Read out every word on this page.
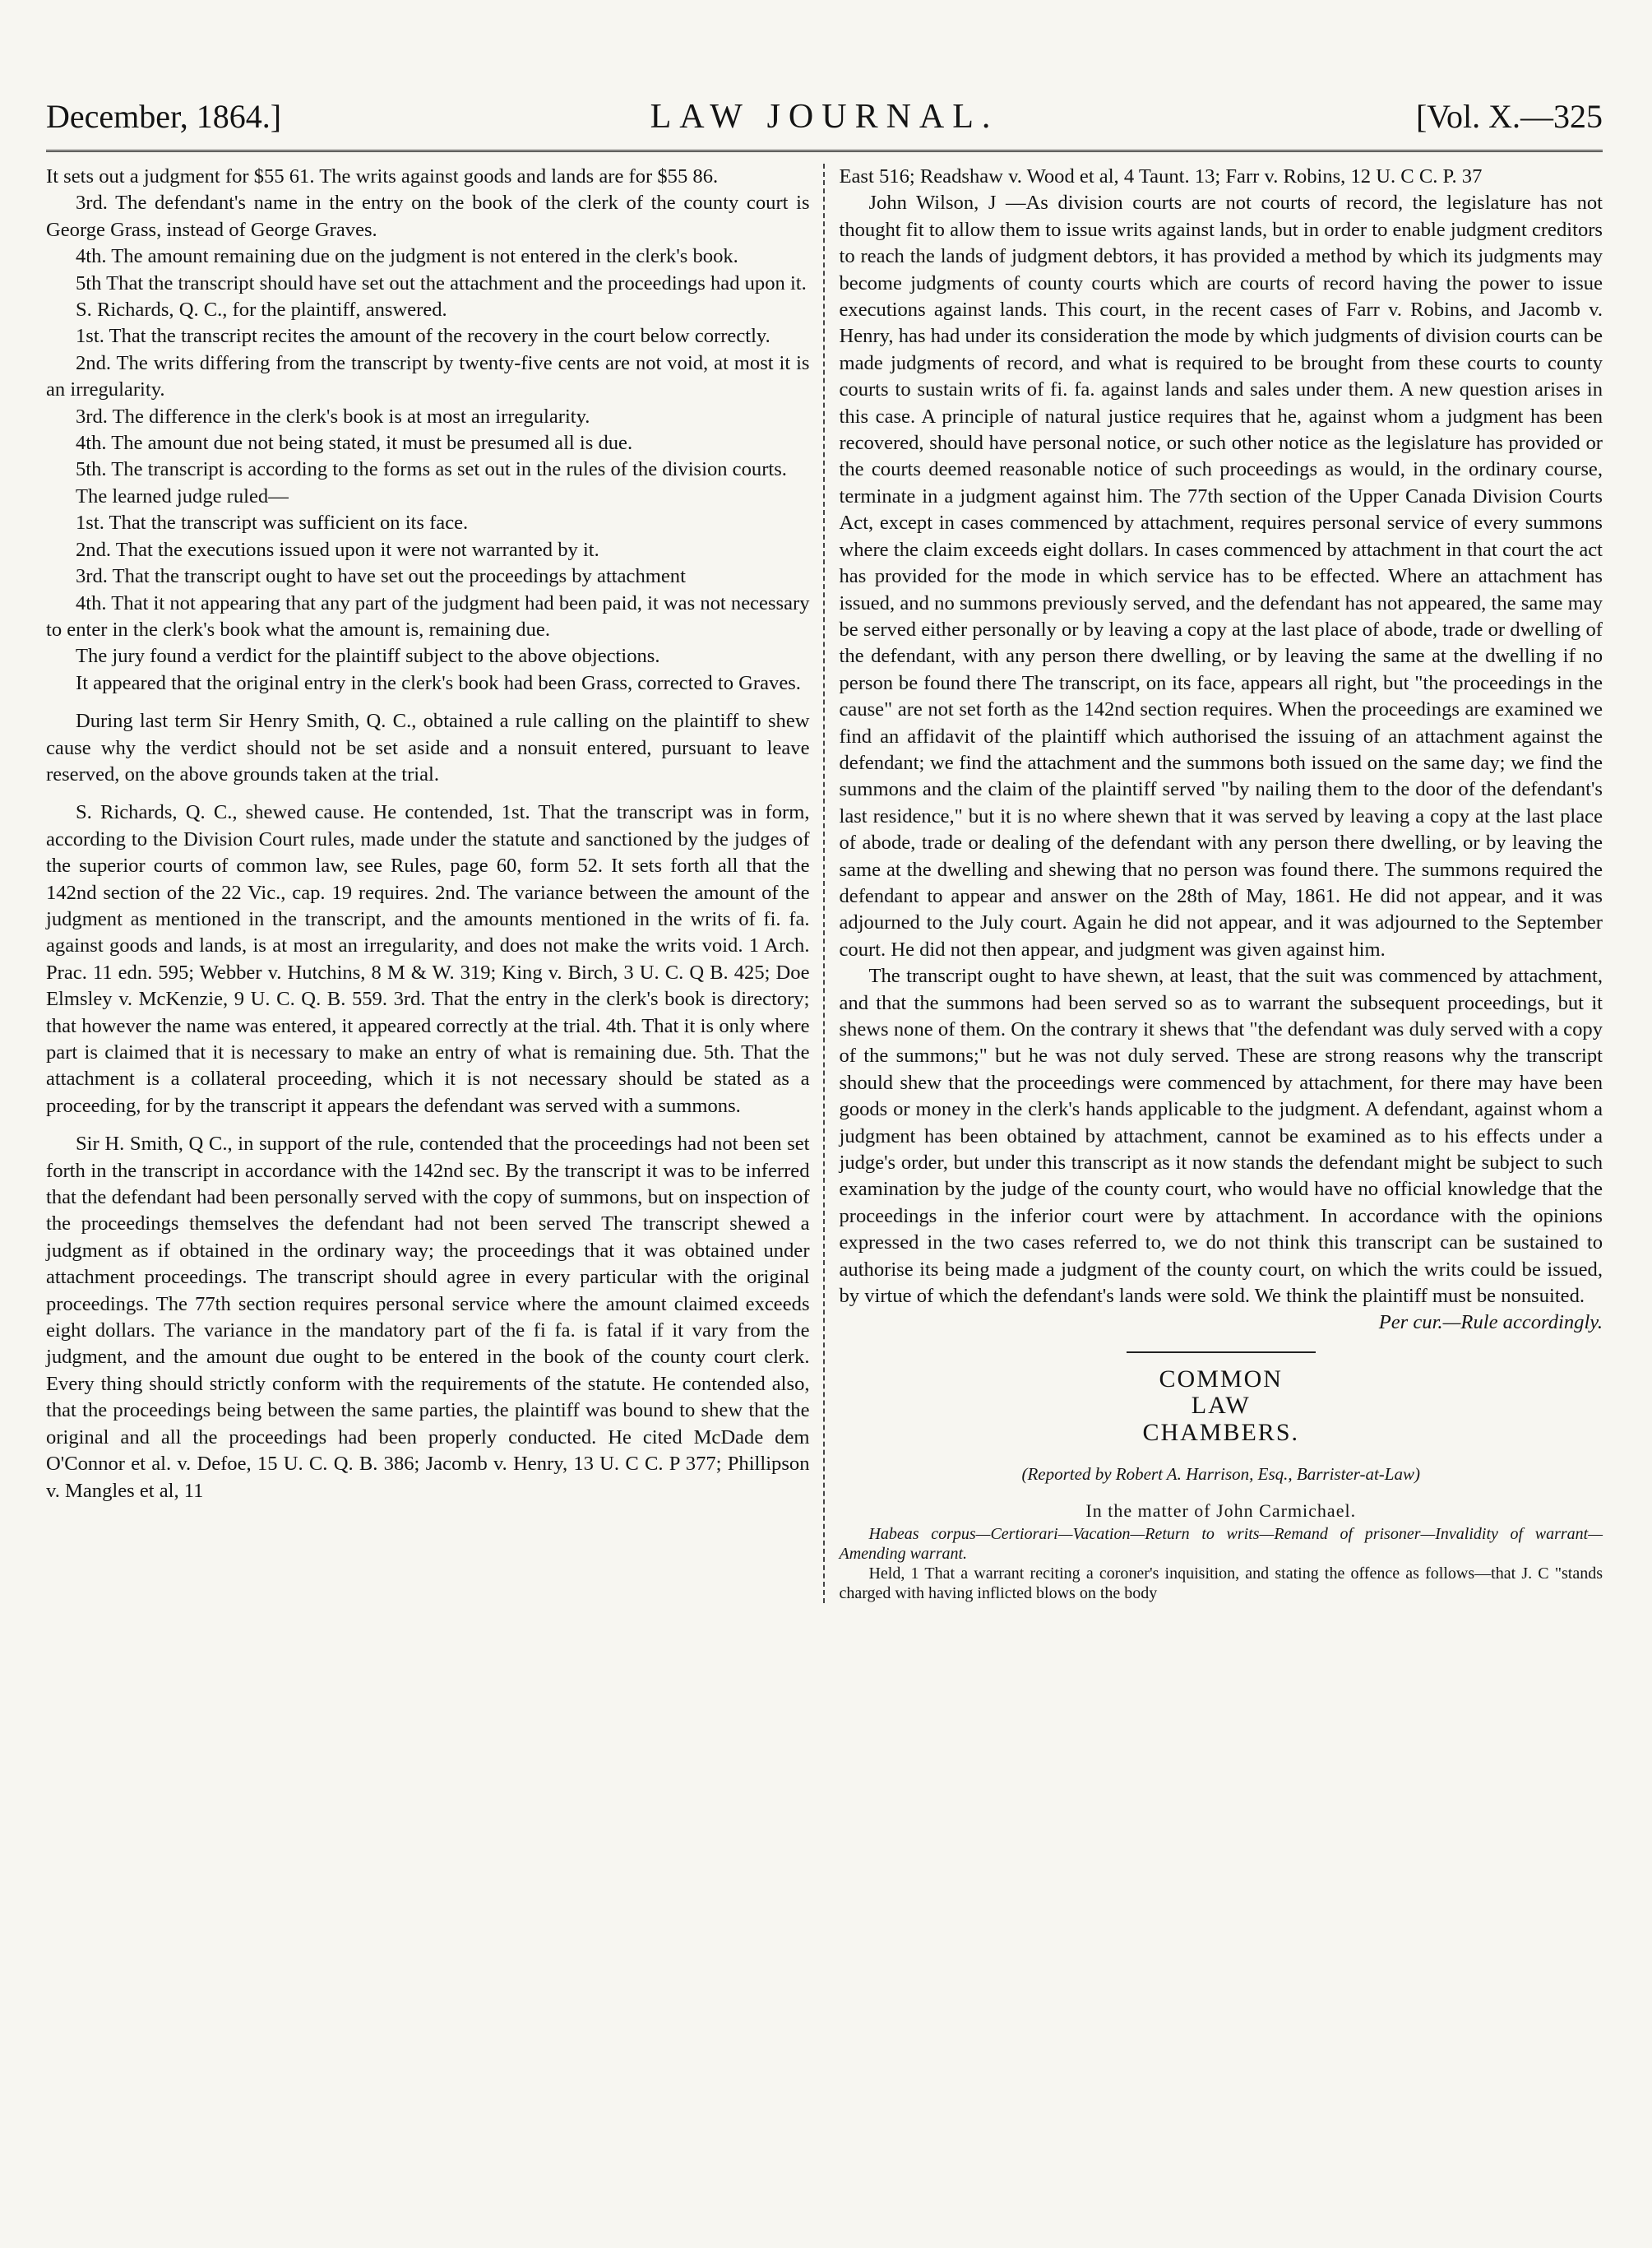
December, 1864.]	LAW JOURNAL.	[Vol. X.—325

It sets out a judgment for $55 61. The writs against goods and lands are for $55 86.

3rd. The defendant's name in the entry on the book of the clerk of the county court is George Grass, instead of George Graves.

4th. The amount remaining due on the judgment is not entered in the clerk's book.

5th That the transcript should have set out the attachment and the proceedings had upon it.

S. Richards, Q. C., for the plaintiff, answered.

1st. That the transcript recites the amount of the recovery in the court below correctly.

2nd. The writs differing from the transcript by twenty-five cents are not void, at most it is an irregularity.

3rd. The difference in the clerk's book is at most an irregularity.

4th. The amount due not being stated, it must be presumed all is due.

5th. The transcript is according to the forms as set out in the rules of the division courts.

The learned judge ruled—

1st. That the transcript was sufficient on its face.

2nd. That the executions issued upon it were not warranted by it.

3rd. That the transcript ought to have set out the proceedings by attachment

4th. That it not appearing that any part of the judgment had been paid, it was not necessary to enter in the clerk's book what the amount is, remaining due.

The jury found a verdict for the plaintiff subject to the above objections.

It appeared that the original entry in the clerk's book had been Grass, corrected to Graves.

During last term Sir Henry Smith, Q. C., obtained a rule calling on the plaintiff to shew cause why the verdict should not be set aside and a nonsuit entered, pursuant to leave reserved, on the above grounds taken at the trial.

S. Richards, Q. C., shewed cause. He contended, 1st. That the transcript was in form, according to the Division Court rules, made under the statute and sanctioned by the judges of the superior courts of common law, see Rules, page 60, form 52. It sets forth all that the 142nd section of the 22 Vic., cap. 19 requires. 2nd. The variance between the amount of the judgment as mentioned in the transcript, and the amounts mentioned in the writs of fi. fa. against goods and lands, is at most an irregularity, and does not make the writs void. 1 Arch. Prac. 11 edn. 595; Webber v. Hutchins, 8 M & W. 319; King v. Birch, 3 U. C. Q B. 425; Doe Elmsley v. McKenzie, 9 U. C. Q. B. 559. 3rd. That the entry in the clerk's book is directory; that however the name was entered, it appeared correctly at the trial. 4th. That it is only where part is claimed that it is necessary to make an entry of what is remaining due. 5th. That the attachment is a collateral proceeding, which it is not necessary should be stated as a proceeding, for by the transcript it appears the defendant was served with a summons.

Sir H. Smith, Q C., in support of the rule, contended that the proceedings had not been set forth in the transcript in accordance with the 142nd sec. By the transcript it was to be inferred that the defendant had been personally served with the copy of summons, but on inspection of the proceedings themselves the defendant had not been served The transcript shewed a judgment as if obtained in the ordinary way; the proceedings that it was obtained under attachment proceedings. The transcript should agree in every particular with the original proceedings. The 77th section requires personal service where the amount claimed exceeds eight dollars. The variance in the mandatory part of the fi fa. is fatal if it vary from the judgment, and the amount due ought to be entered in the book of the county court clerk. Every thing should strictly conform with the requirements of the statute. He contended also, that the proceedings being between the same parties, the plaintiff was bound to shew that the original and all the proceedings had been properly conducted. He cited McDade dem O'Connor et al. v. Defoe, 15 U. C. Q. B. 386; Jacomb v. Henry, 13 U. C C. P 377; Phillipson v. Mangles et al, 11

East 516; Readshaw v. Wood et al, 4 Taunt. 13; Farr v. Robins, 12 U. C C. P. 37

John Wilson, J —As division courts are not courts of record, the legislature has not thought fit to allow them to issue writs against lands, but in order to enable judgment creditors to reach the lands of judgment debtors, it has provided a method by which its judgments may become judgments of county courts which are courts of record having the power to issue executions against lands. This court, in the recent cases of Farr v. Robins, and Jacomb v. Henry, has had under its consideration the mode by which judgments of division courts can be made judgments of record, and what is required to be brought from these courts to county courts to sustain writs of fi. fa. against lands and sales under them. A new question arises in this case. A principle of natural justice requires that he, against whom a judgment has been recovered, should have personal notice, or such other notice as the legislature has provided or the courts deemed reasonable notice of such proceedings as would, in the ordinary course, terminate in a judgment against him. The 77th section of the Upper Canada Division Courts Act, except in cases commenced by attachment, requires personal service of every summons where the claim exceeds eight dollars. In cases commenced by attachment in that court the act has provided for the mode in which service has to be effected. Where an attachment has issued, and no summons previously served, and the defendant has not appeared, the same may be served either personally or by leaving a copy at the last place of abode, trade or dwelling of the defendant, with any person there dwelling, or by leaving the same at the dwelling if no person be found there The transcript, on its face, appears all right, but "the proceedings in the cause" are not set forth as the 142nd section requires. When the proceedings are examined we find an affidavit of the plaintiff which authorised the issuing of an attachment against the defendant; we find the attachment and the summons both issued on the same day; we find the summons and the claim of the plaintiff served "by nailing them to the door of the defendant's last residence," but it is no where shewn that it was served by leaving a copy at the last place of abode, trade or dealing of the defendant with any person there dwelling, or by leaving the same at the dwelling and shewing that no person was found there. The summons required the defendant to appear and answer on the 28th of May, 1861. He did not appear, and it was adjourned to the July court. Again he did not appear, and it was adjourned to the September court. He did not then appear, and judgment was given against him.

The transcript ought to have shewn, at least, that the suit was commenced by attachment, and that the summons had been served so as to warrant the subsequent proceedings, but it shews none of them. On the contrary it shews that "the defendant was duly served with a copy of the summons;" but he was not duly served. These are strong reasons why the transcript should shew that the proceedings were commenced by attachment, for there may have been goods or money in the clerk's hands applicable to the judgment. A defendant, against whom a judgment has been obtained by attachment, cannot be examined as to his effects under a judge's order, but under this transcript as it now stands the defendant might be subject to such examination by the judge of the county court, who would have no official knowledge that the proceedings in the inferior court were by attachment. In accordance with the opinions expressed in the two cases referred to, we do not think this transcript can be sustained to authorise its being made a judgment of the county court, on which the writs could be issued, by virtue of which the defendant's lands were sold. We think the plaintiff must be nonsuited.

Per cur.—Rule accordingly.

COMMON LAW CHAMBERS.
(Reported by Robert A. Harrison, Esq., Barrister-at-Law)
In the matter of John Carmichael.

Habeas corpus—Certiorari—Vacation—Return to writs—Remand of prisoner—Invalidity of warrant—Amending warrant.

Held, 1 That a warrant reciting a coroner's inquisition, and stating the offence as follows—that J. C "stands charged with having inflicted blows on the body
